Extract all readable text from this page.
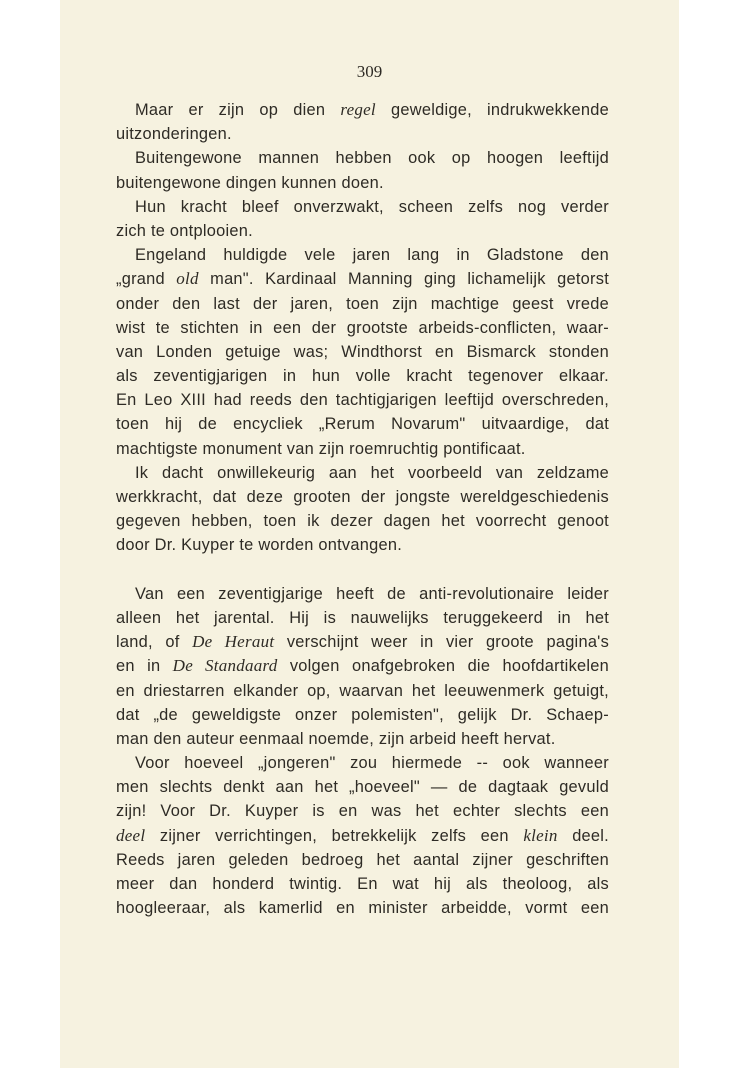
309
Maar er zijn op dien regel geweldige, indrukwekkende
uitzonderingen.
Buitengewone mannen hebben ook op hoogen leeftijd
buitengewone dingen kunnen doen.
Hun kracht bleef onverzwakt, scheen zelfs nog verder
zich te ontplooien.
Engeland huldigde vele jaren lang in Gladstone den
„grand old man". Kardinaal Manning ging lichamelijk getorst
onder den last der jaren, toen zijn machtige geest vrede
wist te stichten in een der grootste arbeids-conflicten, waar-
van Londen getuige was; Windthorst en Bismarck stonden
als zeventigjarigen in hun volle kracht tegenover elkaar.
En Leo XIII had reeds den tachtigjarigen leeftijd overschreden,
toen hij de encycliek „Rerum Novarum" uitvaardige, dat
machtigste monument van zijn roemruchtig pontificaat.
Ik dacht onwillekeurig aan het voorbeeld van zeldzame
werkkracht, dat deze grooten der jongste wereldgeschiedenis
gegeven hebben, toen ik dezer dagen het voorrecht genoot
door Dr. Kuyper te worden ontvangen.
Van een zeventigjarige heeft de anti-revolutionaire leider
alleen het jarental. Hij is nauwelijks teruggekeerd in het
land, of De Heraut verschijnt weer in vier groote pagina's
en in De Standaard volgen onafgebroken die hoofdartikelen
en driestarren elkander op, waarvan het leeuwenmerk getuigt,
dat „de geweldigste onzer polemisten", gelijk Dr. Schaep-
man den auteur eenmaal noemde, zijn arbeid heeft hervat.
Voor hoeveel „jongeren" zou hiermede -- ook wanneer
men slechts denkt aan het „hoeveel" — de dagtaak gevuld
zijn! Voor Dr. Kuyper is en was het echter slechts een
deel zijner verrichtingen, betrekkelijk zelfs een klein deel.
Reeds jaren geleden bedroeg het aantal zijner geschriften
meer dan honderd twintig. En wat hij als theoloog, als
hoogleeraar, als kamerlid en minister arbeidde, vormt een
